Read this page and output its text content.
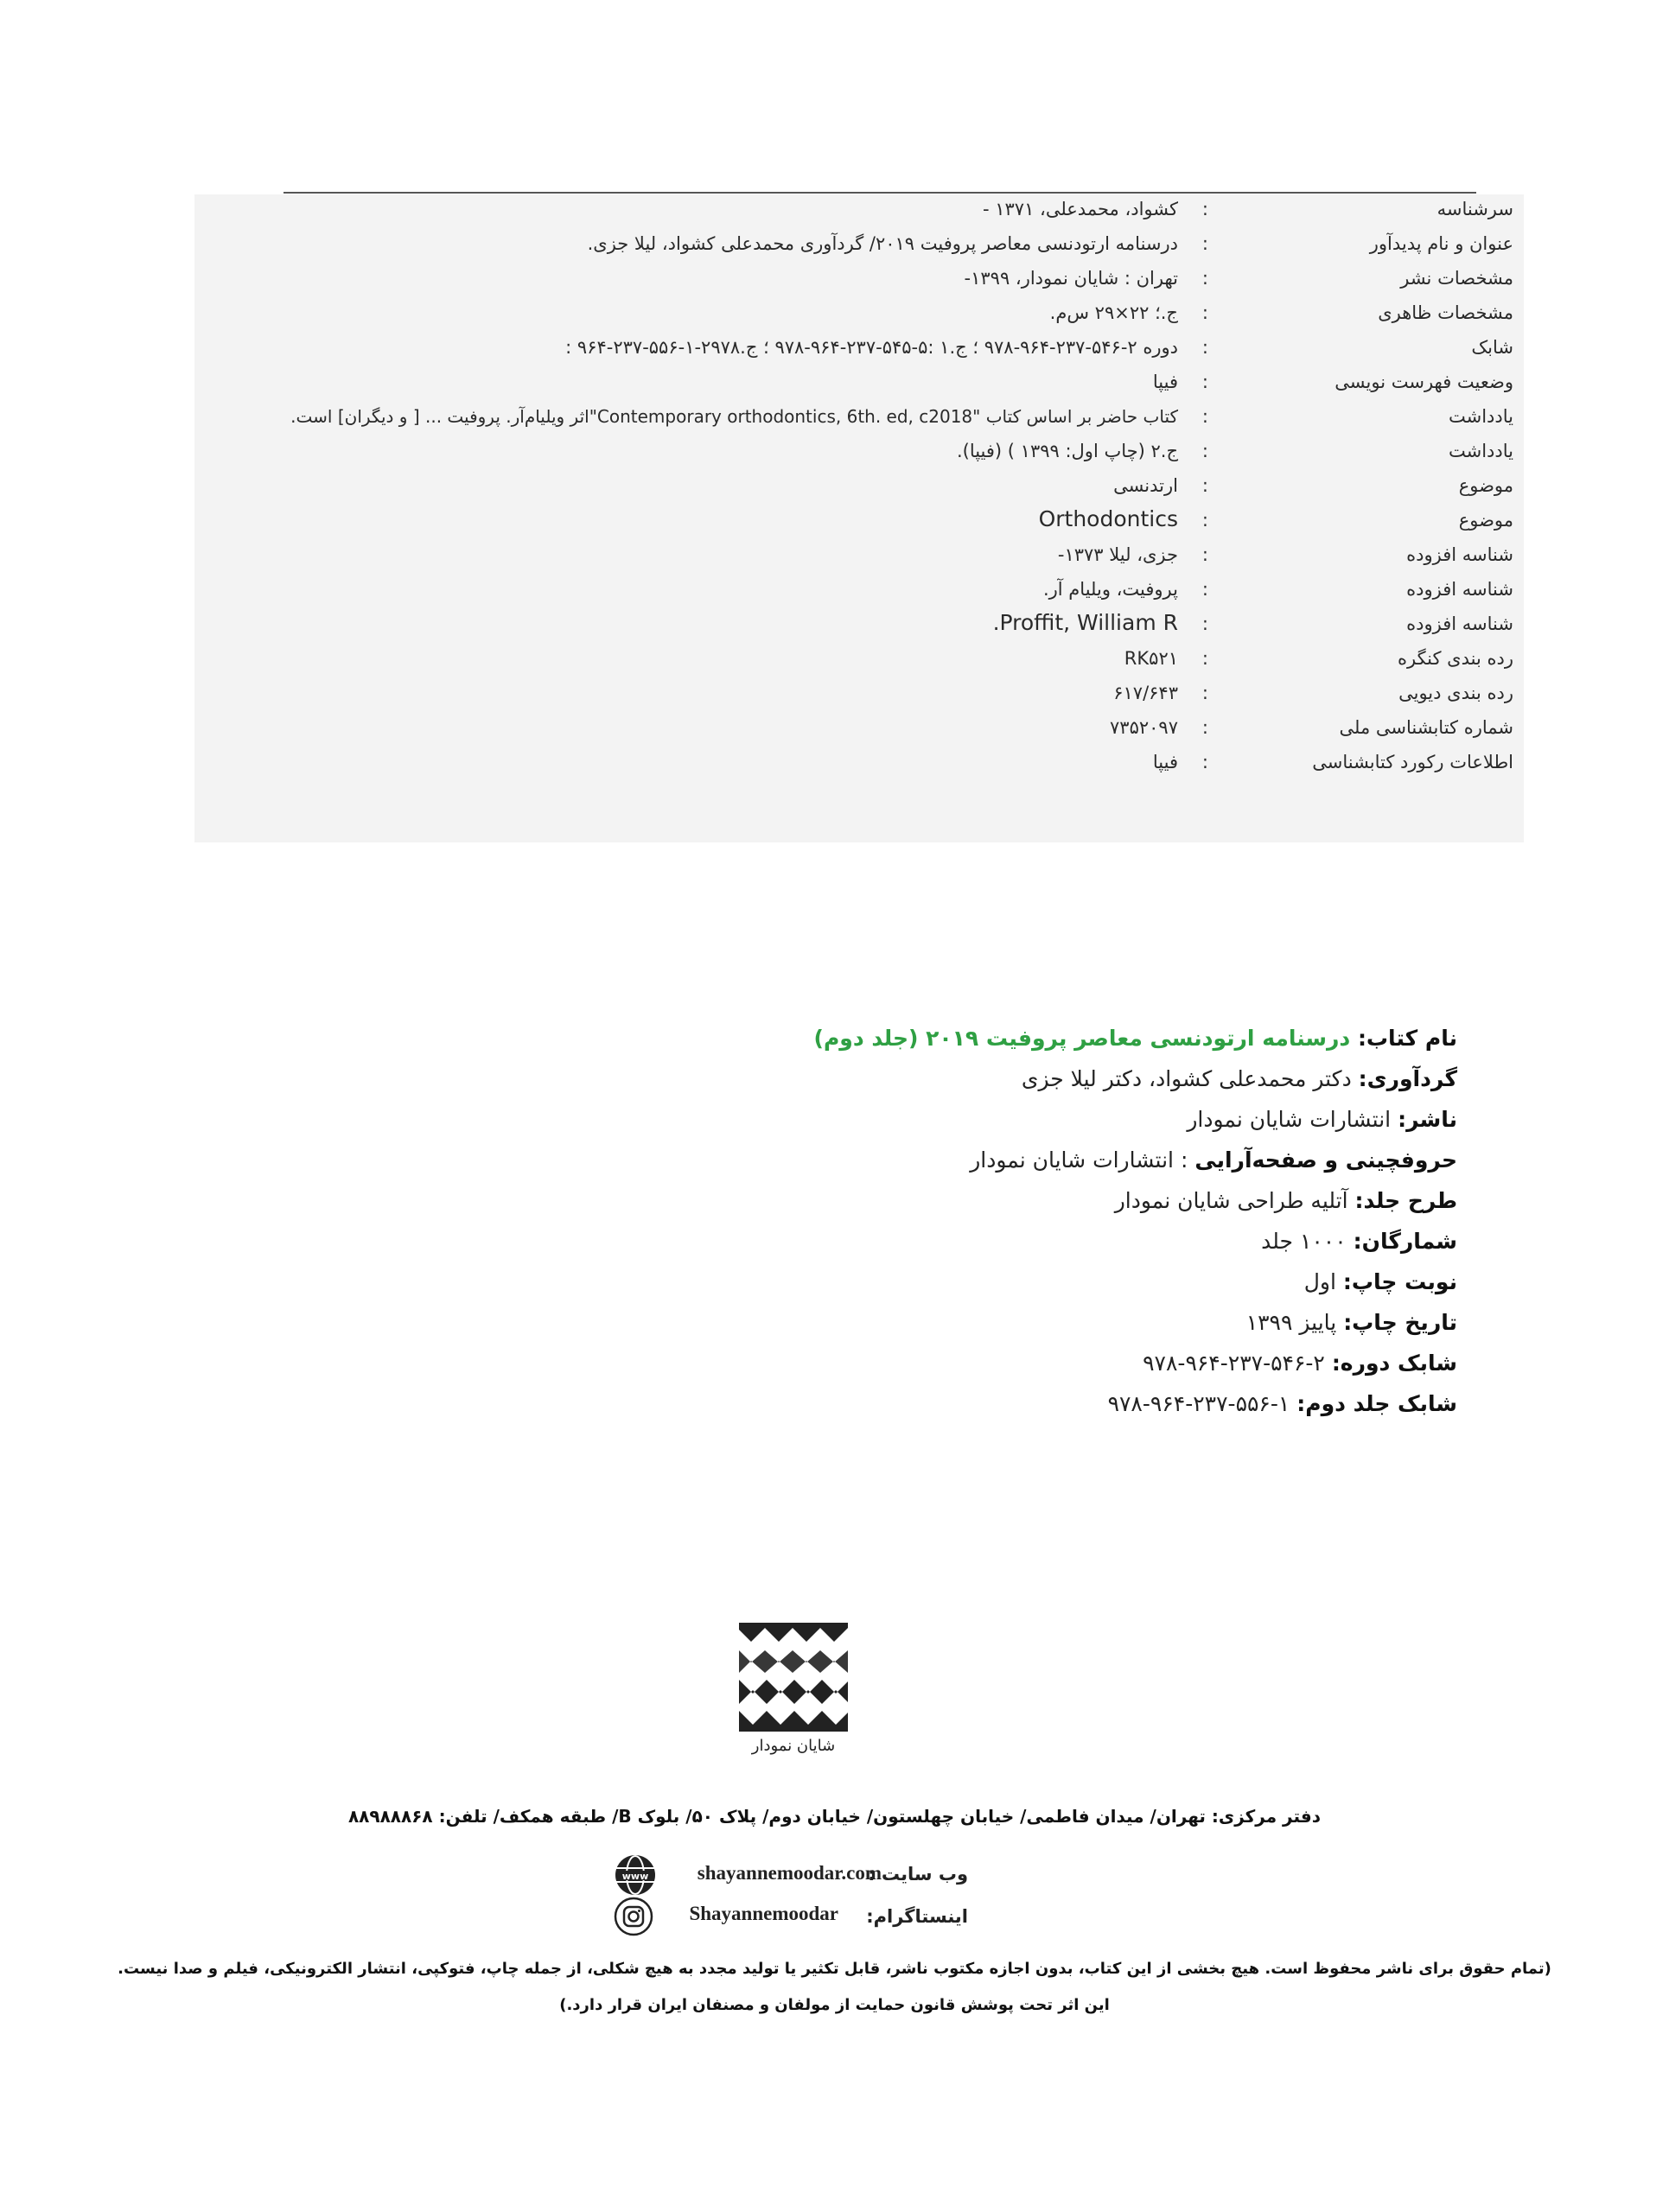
سرشناسه
:
کشواد، محمدعلی، ۱۳۷۱ -
عنوان و نام پدیدآور
:
درسنامه ارتودنسی معاصر پروفیت ۲۰۱۹/ گردآوری محمدعلی کشواد، لیلا جزی.
مشخصات نشر
:
تهران : شایان نمودار، ۱۳۹۹-
مشخصات ظاهری
:
ج.؛ ۲۲×۲۹ س‌م.
شابک
:
دوره ۲-۵۴۶-۲۳۷-۹۶۴-۹۷۸ ؛ ج.۱ :۵-۵۴۵-۲۳۷-۹۶۴-۹۷۸ ؛ ج.۲۹۷۸-۱-۵۵۶-۲۳۷-۹۶۴ :
وضعیت فهرست نویسی
:
فیپا
یادداشت
:
کتاب حاضر بر اساس کتاب "Contemporary orthodontics, 6th. ed, c2018"اثر ویلیام‌آر. پروفیت ... [ و دیگران] است.
یادداشت
:
ج.۲ (چاپ اول: ۱۳۹۹ ) (فیپا).
موضوع
:
ارتدنسی
موضوع
:
Orthodontics
شناسه افزوده
:
جزی، لیلا ۱۳۷۳-
شناسه افزوده
:
پروفیت، ویلیام آر.
شناسه افزوده
:
Proffit, William R.
رده بندی کنگره
:
RK۵۲۱
رده بندی دیویی
:
۶۱۷/۶۴۳
شماره کتابشناسی ملی
:
۷۳۵۲۰۹۷
اطلاعات رکورد کتابشناسی
:
فیپا
نام کتاب: درسنامه ارتودنسی معاصر پروفیت ۲۰۱۹ (جلد دوم)
گردآوری: دکتر محمدعلی کشواد، دکتر لیلا جزی
ناشر: انتشارات شایان نمودار
حروفچینی و صفحه‌آرایی : انتشارات شایان نمودار
طرح جلد: آتلیه طراحی شایان نمودار
شمارگان: ۱۰۰۰ جلد
نوبت چاپ: اول
تاریخ چاپ: پاییز ۱۳۹۹
شابک دوره: ۲-۵۴۶-۲۳۷-۹۶۴-۹۷۸
شابک جلد دوم: ۱-۵۵۶-۲۳۷-۹۶۴-۹۷۸
شایان نمودار
دفتر مرکزی: تهران/ میدان فاطمی/ خیابان چهلستون/ خیابان دوم/ پلاک ۵۰/ بلوک B/ طبقه همکف/ تلفن: ۸۸۹۸۸۸۶۸
وب سایت :
shayannemoodar.com
www
اینستاگرام:
Shayannemoodar
(تمام حقوق برای ناشر محفوظ است. هیچ بخشی از این کتاب، بدون اجازه مکتوب ناشر، قابل تکثیر یا تولید مجدد به هیچ شکلی، از جمله چاپ، فتوکپی، انتشار الکترونیکی، فیلم و صدا نیست.
این اثر تحت پوشش قانون حمایت از مولفان و مصنفان ایران قرار دارد.)
